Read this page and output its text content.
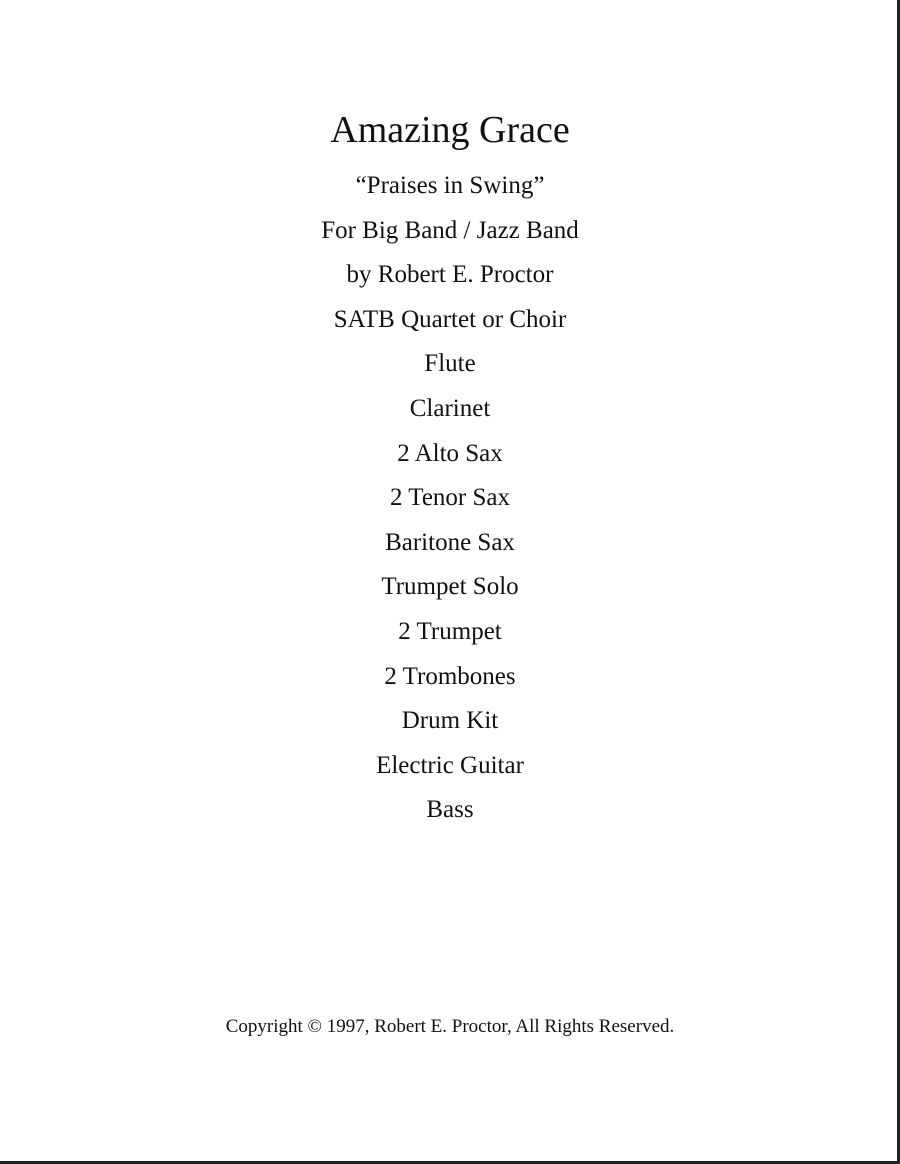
Amazing Grace
“Praises in Swing”
For Big Band / Jazz Band
by Robert E. Proctor
SATB Quartet or Choir
Flute
Clarinet
2 Alto Sax
2 Tenor Sax
Baritone Sax
Trumpet Solo
2 Trumpet
2 Trombones
Drum Kit
Electric Guitar
Bass
Copyright © 1997, Robert E. Proctor, All Rights Reserved.
